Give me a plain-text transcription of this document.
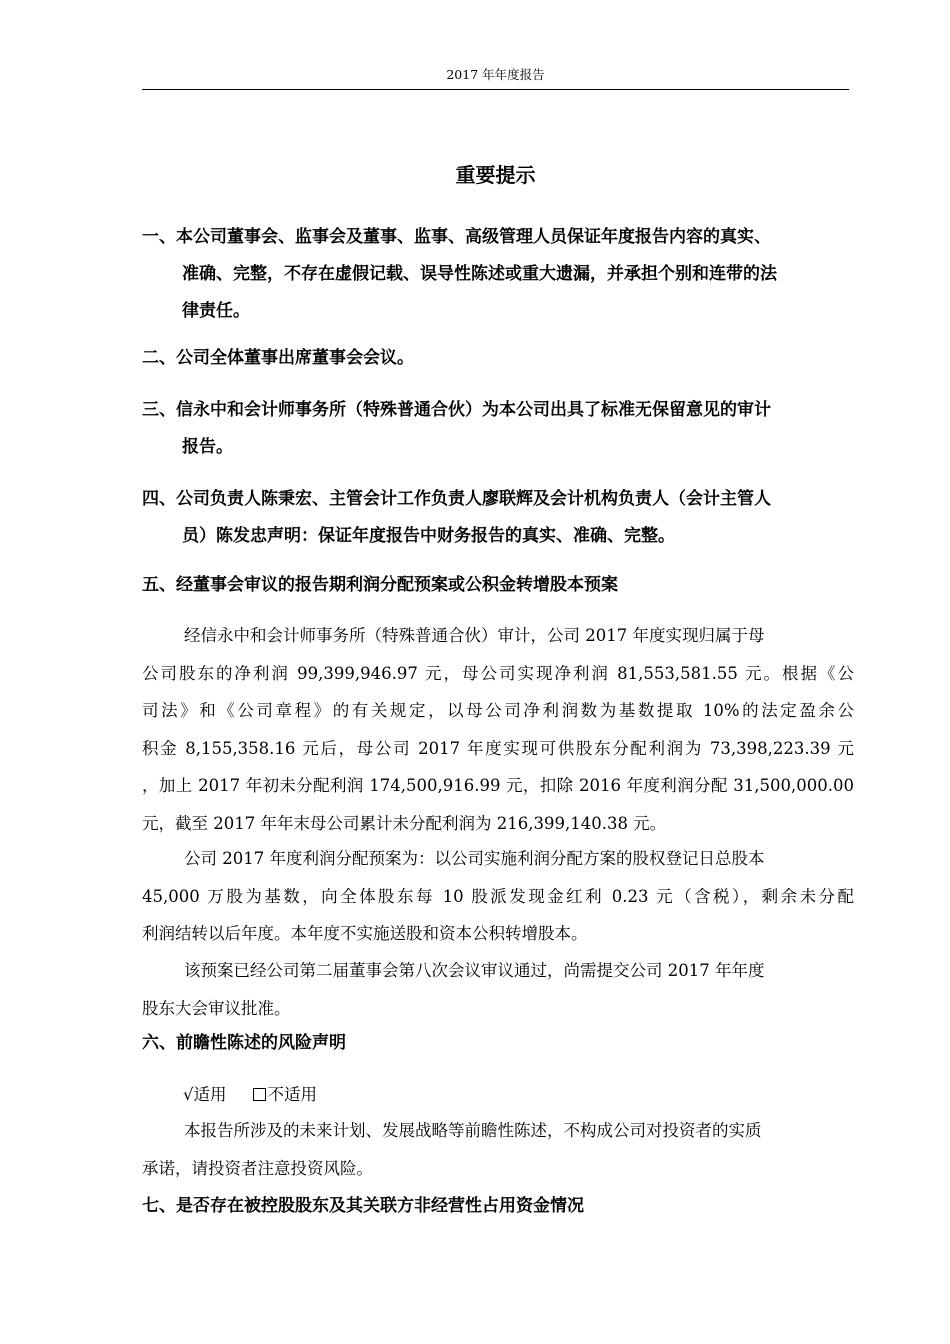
2017 年年度报告
重要提示
一、本公司董事会、监事会及董事、监事、高级管理人员保证年度报告内容的真实、
准确、完整，不存在虚假记载、误导性陈述或重大遗漏，并承担个别和连带的法
律责任。
二、公司全体董事出席董事会会议。
三、信永中和会计师事务所（特殊普通合伙）为本公司出具了标准无保留意见的审计
报告。
四、公司负责人陈秉宏、主管会计工作负责人廖联辉及会计机构负责人（会计主管人
员）陈发忠声明：保证年度报告中财务报告的真实、准确、完整。
五、经董事会审议的报告期利润分配预案或公积金转增股本预案
经信永中和会计师事务所（特殊普通合伙）审计，公司 2017 年度实现归属于母
公司股东的净利润 99,399,946.97 元，母公司实现净利润 81,553,581.55 元。根据《公
司法》和《公司章程》的有关规定，以母公司净利润数为基数提取 10%的法定盈余公
积金 8,155,358.16 元后，母公司 2017 年度实现可供股东分配利润为 73,398,223.39 元
，加上 2017 年初未分配利润 174,500,916.99 元，扣除 2016 年度利润分配 31,500,000.00
元，截至 2017 年年末母公司累计未分配利润为 216,399,140.38 元。
公司 2017 年度利润分配预案为：以公司实施利润分配方案的股权登记日总股本
45,000 万股为基数，向全体股东每 10 股派发现金红利 0.23 元（含税），剩余未分配
利润结转以后年度。本年度不实施送股和资本公积转增股本。
该预案已经公司第二届董事会第八次会议审议通过，尚需提交公司 2017 年年度
股东大会审议批准。
六、前瞻性陈述的风险声明
√适用 不适用
本报告所涉及的未来计划、发展战略等前瞻性陈述，不构成公司对投资者的实质
承诺，请投资者注意投资风险。
七、是否存在被控股股东及其关联方非经营性占用资金情况
